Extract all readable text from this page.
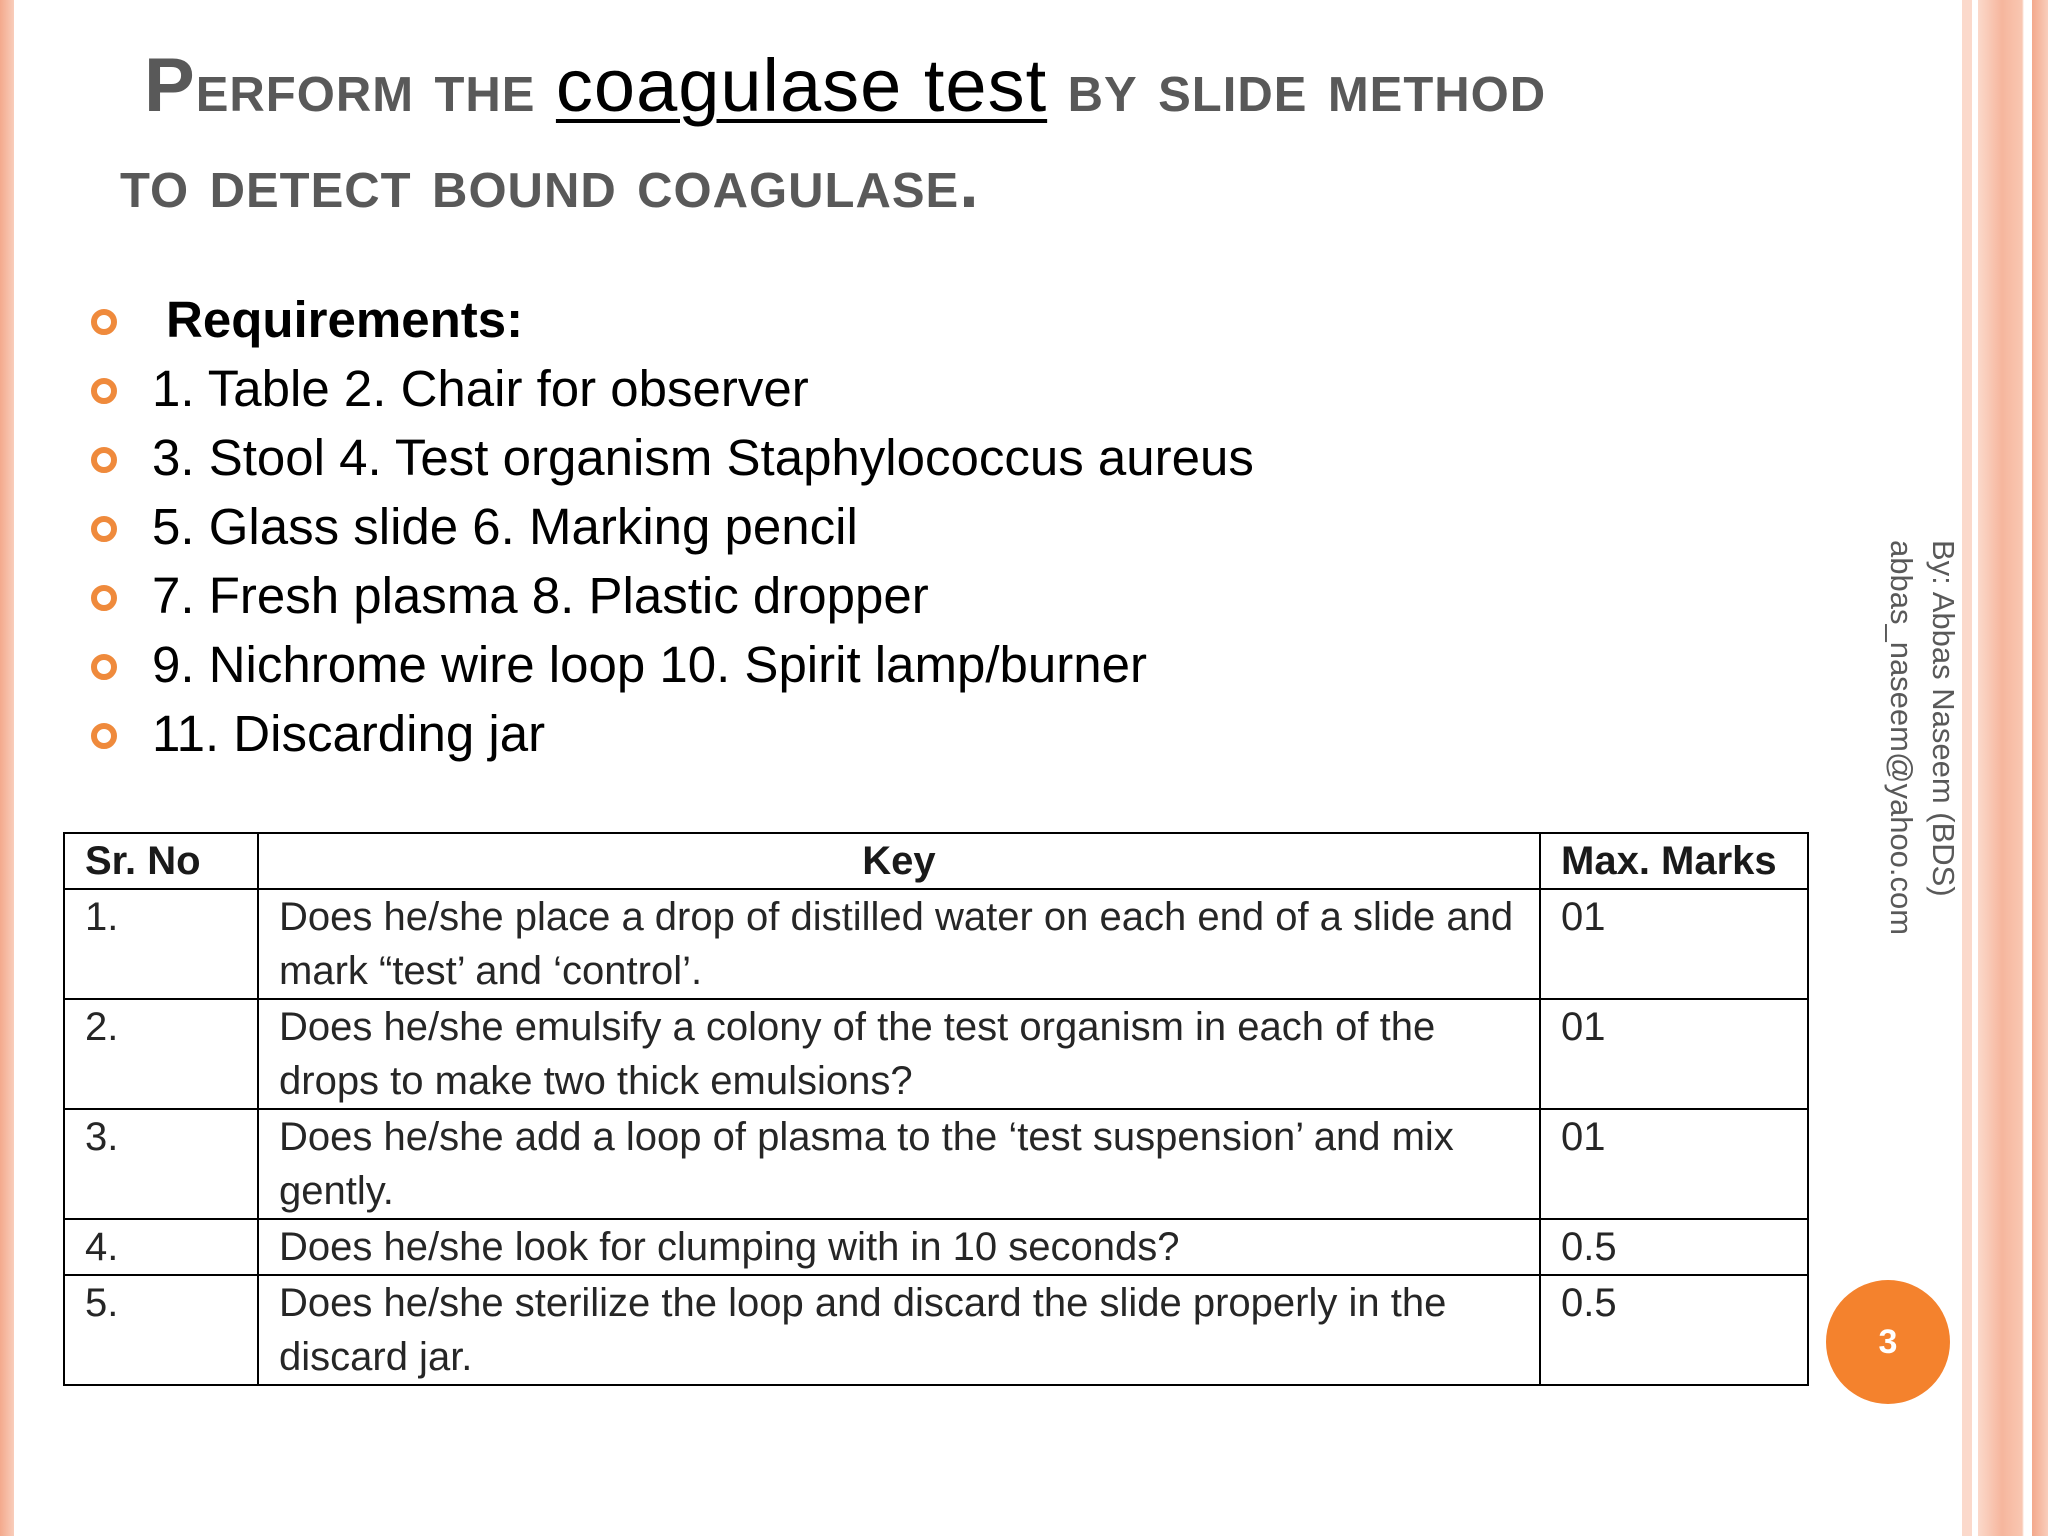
Perform the coagulase test by slide method
to detect bound coagulase.
Requirements:
1. Table 2. Chair for observer
3. Stool 4. Test organism Staphylococcus aureus
5. Glass slide 6. Marking pencil
7. Fresh plasma 8. Plastic dropper
9. Nichrome wire loop 10. Spirit lamp/burner
11. Discarding jar
Sr. No	Key	Max. Marks
1.	Does he/she place a drop of distilled water on each end of a slide and mark “test’ and ‘control’.	01
2.	Does he/she emulsify a colony of the test organism in each of the drops to make two thick emulsions?	01
3.	Does he/she add a loop of plasma to the ‘test suspension’ and mix gently.	01
4.	Does he/she look for clumping with in 10 seconds?	0.5
5.	Does he/she sterilize the loop and discard the slide properly in the discard jar.	0.5
By: Abbas Naseem (BDS)
abbas_naseem@yahoo.com
3
